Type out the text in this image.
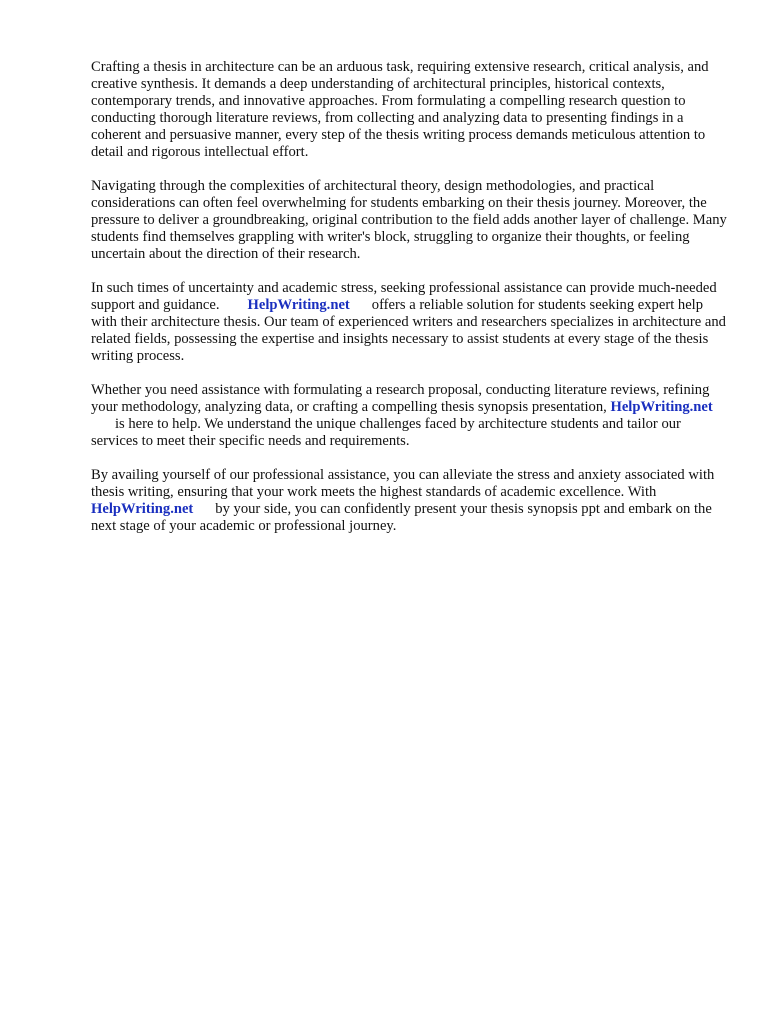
Crafting a thesis in architecture can be an arduous task, requiring extensive research, critical analysis, and creative synthesis. It demands a deep understanding of architectural principles, historical contexts, contemporary trends, and innovative approaches. From formulating a compelling research question to conducting thorough literature reviews, from collecting and analyzing data to presenting findings in a coherent and persuasive manner, every step of the thesis writing process demands meticulous attention to detail and rigorous intellectual effort.

Navigating through the complexities of architectural theory, design methodologies, and practical considerations can often feel overwhelming for students embarking on their thesis journey. Moreover, the pressure to deliver a groundbreaking, original contribution to the field adds another layer of challenge. Many students find themselves grappling with writer's block, struggling to organize their thoughts, or feeling uncertain about the direction of their research.

In such times of uncertainty and academic stress, seeking professional assistance can provide much-needed support and guidance. HelpWriting.net offers a reliable solution for students seeking expert help with their architecture thesis. Our team of experienced writers and researchers specializes in architecture and related fields, possessing the expertise and insights necessary to assist students at every stage of the thesis writing process.

Whether you need assistance with formulating a research proposal, conducting literature reviews, refining your methodology, analyzing data, or crafting a compelling thesis synopsis presentation, HelpWriting.netis here to help. We understand the unique challenges faced by architecture students and tailor our services to meet their specific needs and requirements.

By availing yourself of our professional assistance, you can alleviate the stress and anxiety associated with thesis writing, ensuring that your work meets the highest standards of academic excellence. WithHelpWriting.net by your side, you can confidently present your thesis synopsis ppt and embark on the next stage of your academic or professional journey.
